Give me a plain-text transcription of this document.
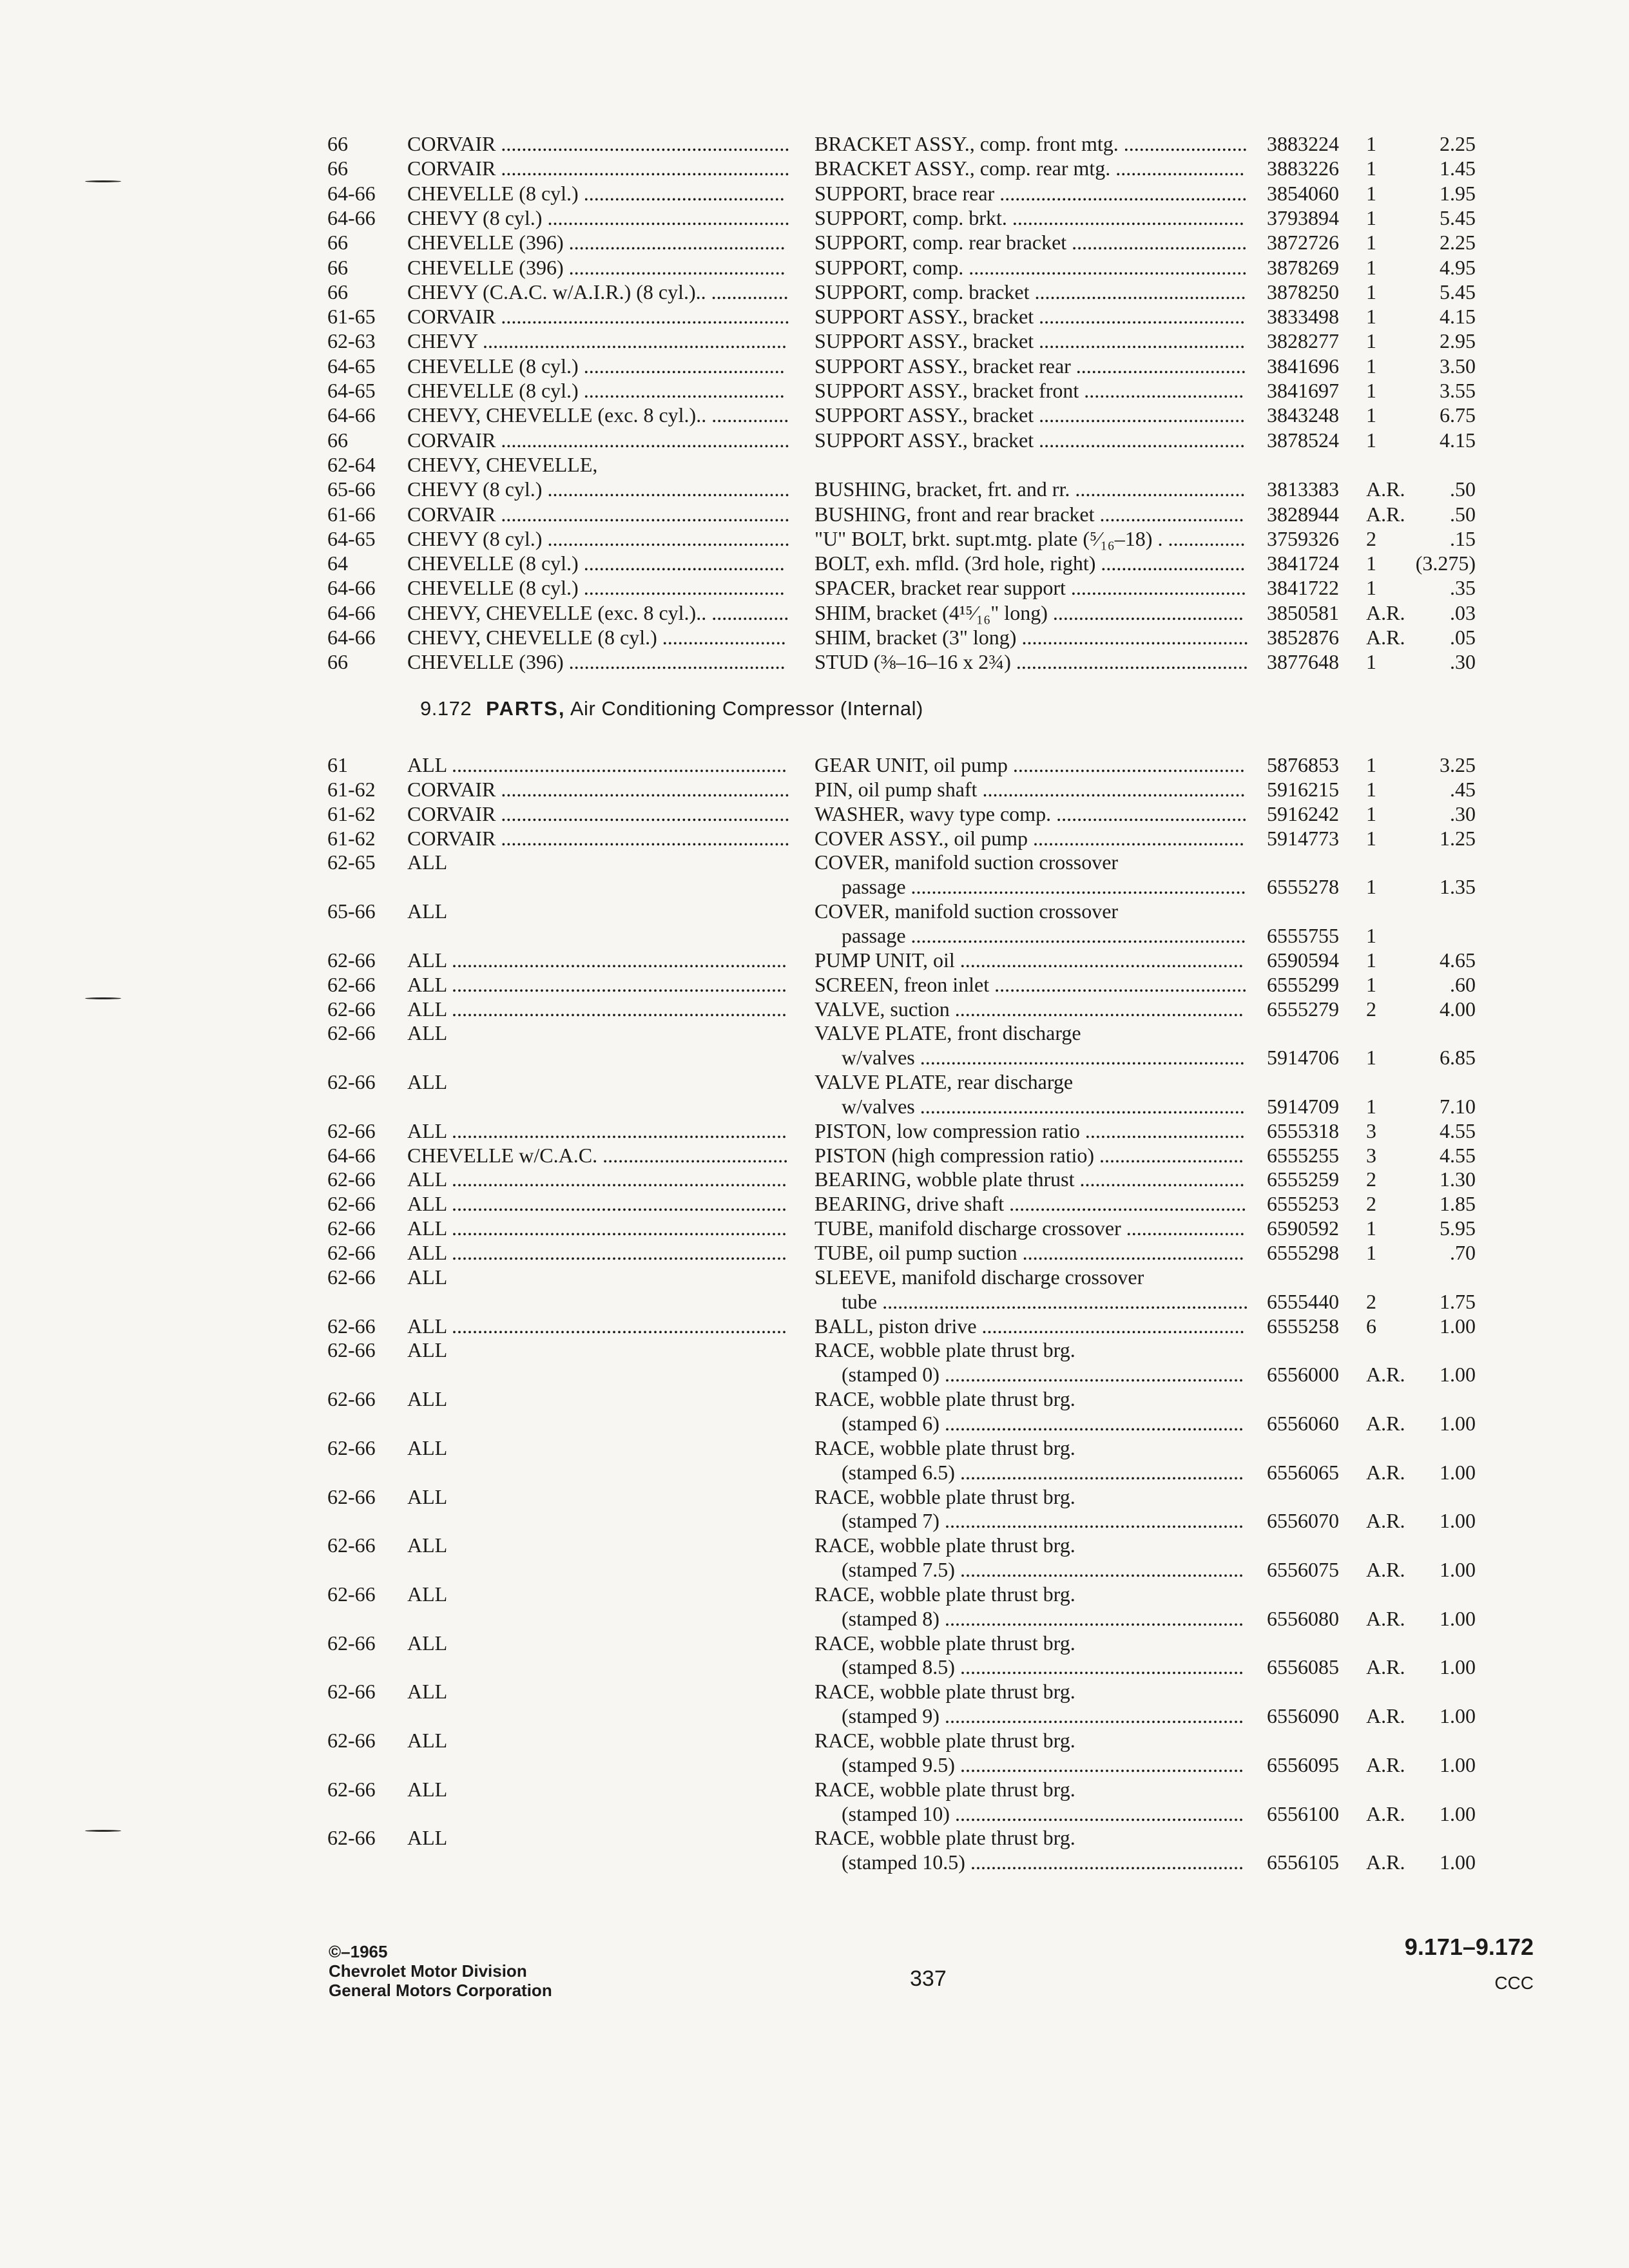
66	CORVAIR ........................................................ BRACKET ASSY., comp. front mtg. ........................ 3883224 1	2.25
66	CORVAIR ........................................................ BRACKET ASSY., comp. rear mtg. .........................	3883226 1	1.45
64-66 CHEVELLE (8 cyl.) .......................................	SUPPORT, brace rear ................................................ 3854060 1	1.95
64-66 CHEVY (8 cyl.) ............................................... SUPPORT, comp. brkt. .............................................	3793894 1	5.45
66	CHEVELLE (396) ..........................................	SUPPORT, comp. rear bracket .................................. 3872726 1	2.25
66	CHEVELLE (396) ..........................................	SUPPORT, comp. ...................................................... 3878269 1	4.95
66	CHEVY (C.A.C. w/A.I.R.) (8 cyl.).. ............... SUPPORT, comp. bracket .........................................	3878250 1	5.45
61-65 CORVAIR ........................................................ SUPPORT ASSY., bracket ........................................	3833498 1	4.15
62-63 CHEVY ...........................................................	SUPPORT ASSY., bracket ........................................	3828277 1	2.95
64-65 CHEVELLE (8 cyl.) .......................................	SUPPORT ASSY., bracket rear .................................	3841696 1	3.50
64-65 CHEVELLE (8 cyl.) .......................................	SUPPORT ASSY., bracket front ...............................	3841697 1	3.55
64-66 CHEVY, CHEVELLE (exc. 8 cyl.).. ............... SUPPORT ASSY., bracket ........................................	3843248 1	6.75
66	CORVAIR ........................................................ SUPPORT ASSY., bracket ........................................	3878524 1	4.15
62-64 CHEVY, CHEVELLE,
65-66 CHEVY (8 cyl.) ............................................... BUSHING, bracket, frt. and rr. .................................	3813383 A.R.	.50
61-66 CORVAIR ........................................................ BUSHING, front and rear bracket ............................	3828944 A.R.	.50
64-65 CHEVY (8 cyl.) ............................................... "U" BOLT, brkt. supt.mtg. plate (⁵⁄₁₆–18) . ...............	3759326 2	.15
64	CHEVELLE (8 cyl.) .......................................	BOLT, exh. mfld. (3rd hole, right) ............................	3841724 1	(3.275)
64-66 CHEVELLE (8 cyl.) .......................................	SPACER, bracket rear support ..................................	3841722 1	.35
64-66 CHEVY, CHEVELLE (exc. 8 cyl.).. ............... SHIM, bracket (4¹⁵⁄₁₆" long) .....................................	3850581 A.R.	.03
64-66 CHEVY, CHEVELLE (8 cyl.) ........................	SHIM, bracket (3" long) ............................................ 3852876 A.R.	.05
66	CHEVELLE (396) ..........................................	STUD (⅜–16–16 x 2¾) ............................................. 3877648 1	.30
9.172 PARTS, Air Conditioning Compressor (Internal)
61	ALL .................................................................	GEAR UNIT, oil pump .............................................	5876853 1	3.25
61-62 CORVAIR ........................................................ PIN, oil pump shaft ...................................................	5916215 1	.45
61-62 CORVAIR ........................................................ WASHER, wavy type comp. ..................................... 5916242 1	.30
61-62 CORVAIR ........................................................ COVER ASSY., oil pump .........................................	5914773 1	1.25
62-65 ALL	COVER, manifold suction crossover
passage .................................................................	6555278 1	1.35
65-66 ALL	COVER, manifold suction crossover
passage .................................................................	6555755 1
62-66 ALL .................................................................	PUMP UNIT, oil .......................................................	6590594 1	4.65
62-66 ALL .................................................................	SCREEN, freon inlet ................................................. 6555299 1	.60
62-66 ALL .................................................................	VALVE, suction ........................................................	6555279 2	4.00
62-66 ALL	VALVE PLATE, front discharge
w/valves ...............................................................	5914706 1	6.85
62-66 ALL	VALVE PLATE, rear discharge
w/valves ...............................................................	5914709 1	7.10
62-66 ALL .................................................................	PISTON, low compression ratio ...............................	6555318 3	4.55
64-66 CHEVELLE w/C.A.C. .................................... PISTON (high compression ratio) ............................	6555255 3	4.55
62-66 ALL .................................................................	BEARING, wobble plate thrust ................................	6555259 2	1.30
62-66 ALL .................................................................	BEARING, drive shaft .............................................. 6555253 2	1.85
62-66 ALL .................................................................	TUBE, manifold discharge crossover .......................	6590592 1	5.95
62-66 ALL .................................................................	TUBE, oil pump suction ...........................................	6555298 1	.70
62-66 ALL	SLEEVE, manifold discharge crossover
tube ....................................................................... 6555440 2	1.75
62-66 ALL .................................................................	BALL, piston drive ...................................................	6555258 6	1.00
62-66 ALL	RACE, wobble plate thrust brg.
(stamped 0) ..........................................................	6556000 A.R.	1.00
62-66 ALL	RACE, wobble plate thrust brg.
(stamped 6) ..........................................................	6556060 A.R.	1.00
62-66 ALL	RACE, wobble plate thrust brg.
(stamped 6.5) .......................................................	6556065 A.R.	1.00
62-66 ALL	RACE, wobble plate thrust brg.
(stamped 7) ..........................................................	6556070 A.R.	1.00
62-66 ALL	RACE, wobble plate thrust brg.
(stamped 7.5) .......................................................	6556075 A.R.	1.00
62-66 ALL	RACE, wobble plate thrust brg.
(stamped 8) ..........................................................	6556080 A.R.	1.00
62-66 ALL	RACE, wobble plate thrust brg.
(stamped 8.5) .......................................................	6556085 A.R.	1.00
62-66 ALL	RACE, wobble plate thrust brg.
(stamped 9) ..........................................................	6556090 A.R.	1.00
62-66 ALL	RACE, wobble plate thrust brg.
(stamped 9.5) .......................................................	6556095 A.R.	1.00
62-66 ALL	RACE, wobble plate thrust brg.
(stamped 10) ........................................................	6556100 A.R.	1.00
62-66 ALL	RACE, wobble plate thrust brg.
(stamped 10.5) .....................................................	6556105 A.R.	1.00
©–1965
Chevrolet Motor Division
General Motors Corporation	337
9.171–9.172
CCC
